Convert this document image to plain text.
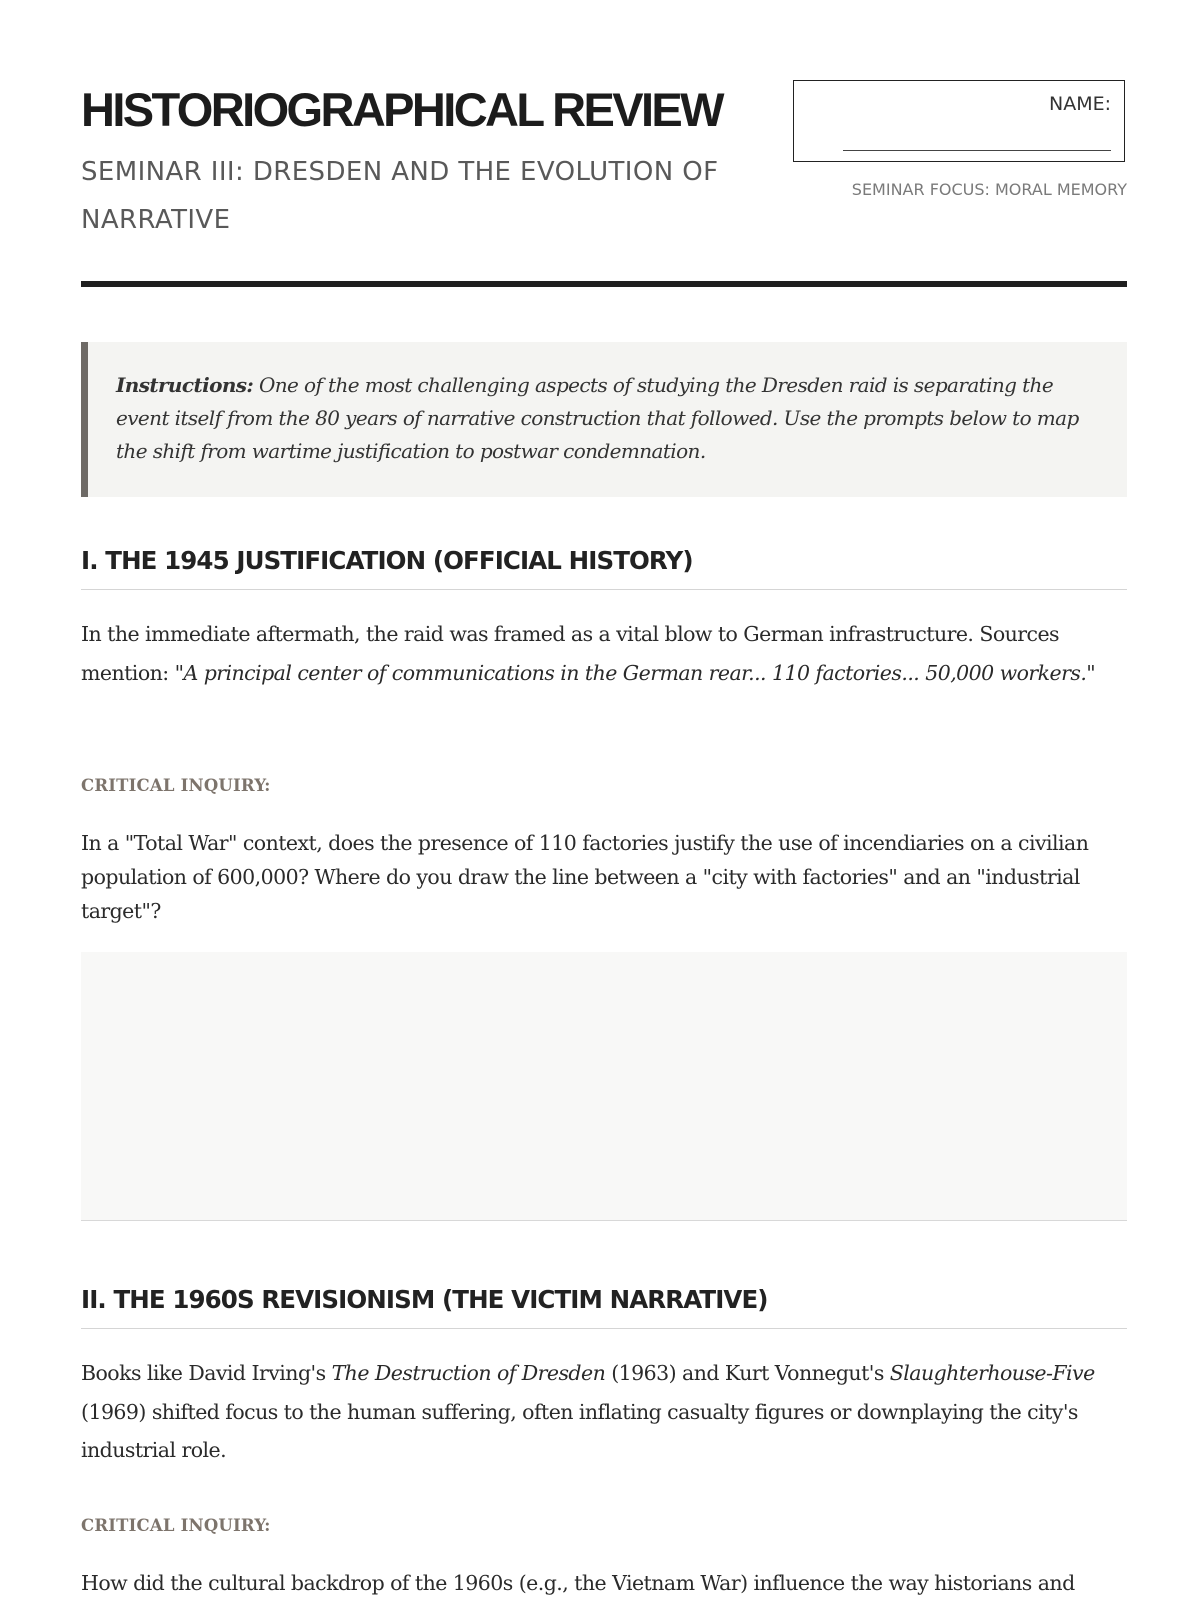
HISTORIOGRAPHICAL REVIEW

SEMINAR III: DRESDEN AND THE EVOLUTION OF NARRATIVE

NAME:
SEMINAR FOCUS: MORAL MEMORY
Instructions: One of the most challenging aspects of studying the Dresden raid is separating the event itself from the 80 years of narrative construction that followed. Use the prompts below to map the shift from wartime justification to postwar condemnation.
I. THE 1945 JUSTIFICATION (OFFICIAL HISTORY)

In the immediate aftermath, the raid was framed as a vital blow to German infrastructure. Sources mention: "A principal center of communications in the German rear... 110 factories... 50,000 workers."

CRITICAL INQUIRY:

In a "Total War" context, does the presence of 110 factories justify the use of incendiaries on a civilian population of 600,000? Where do you draw the line between a "city with factories" and an "industrial target"?

II. THE 1960S REVISIONISM (THE VICTIM NARRATIVE)

Books like David Irving's The Destruction of Dresden (1963) and Kurt Vonnegut's Slaughterhouse-Five (1969) shifted focus to the human suffering, often inflating casualty figures or downplaying the city's industrial role.

CRITICAL INQUIRY:

How did the cultural backdrop of the 1960s (e.g., the Vietnam War) influence the way historians and
